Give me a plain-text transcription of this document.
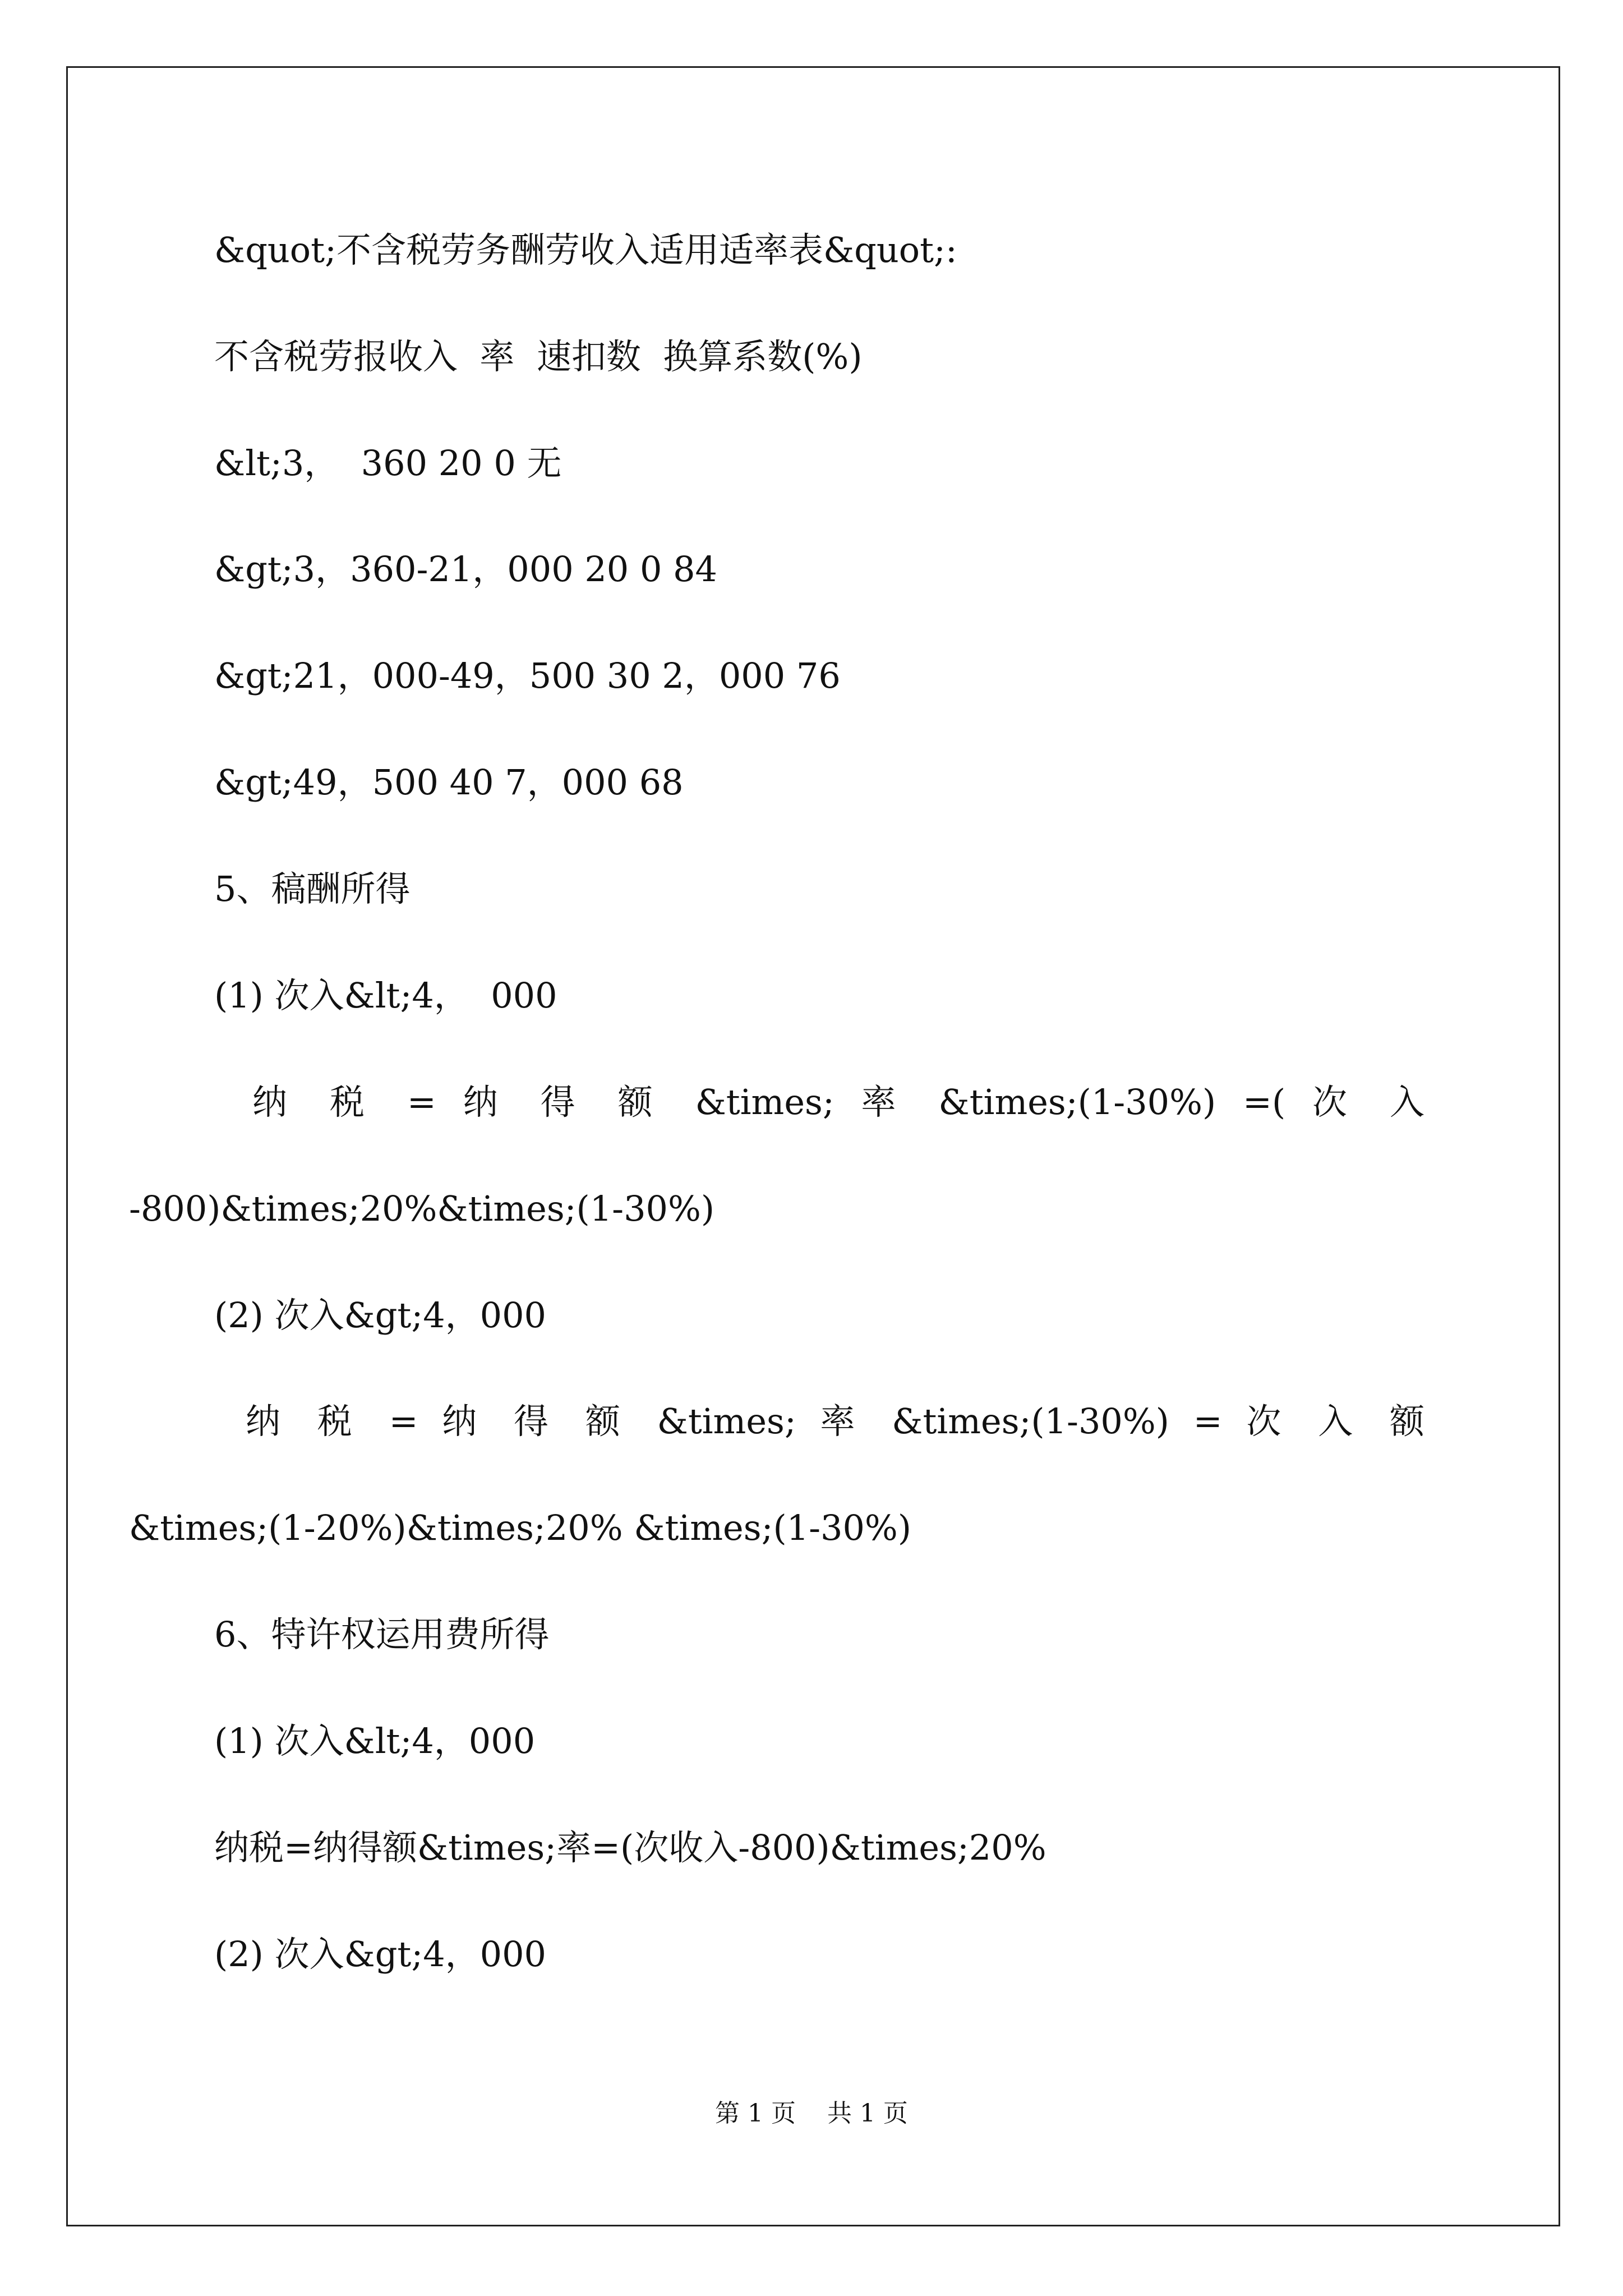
&quot;不含税劳务酬劳收入适用适率表&quot;:
不含税劳报收入  率  速扣数  换算系数(%)
&lt;3，  360 20 0 无
&gt;3，360-21，000 20 0 84
&gt;21，000-49，500 30 2，000 76
&gt;49，500 40 7，000 68
5、稿酬所得
(1) 次入&lt;4，  000
纳 税 = 纳 得 额 &times; 率 &times;(1-30%) =( 次 入
-800)&times;20%&times;(1-30%)
(2) 次入&gt;4，000
纳 税 = 纳 得 额 &times; 率 &times;(1-30%) = 次 入 额
&times;(1-20%)&times;20% &times;(1-30%)
6、特许权运用费所得
(1) 次入&lt;4，000
纳税=纳得额&times;率=(次收入-800)&times;20%
(2) 次入&gt;4，000
第 1 页    共 1 页
